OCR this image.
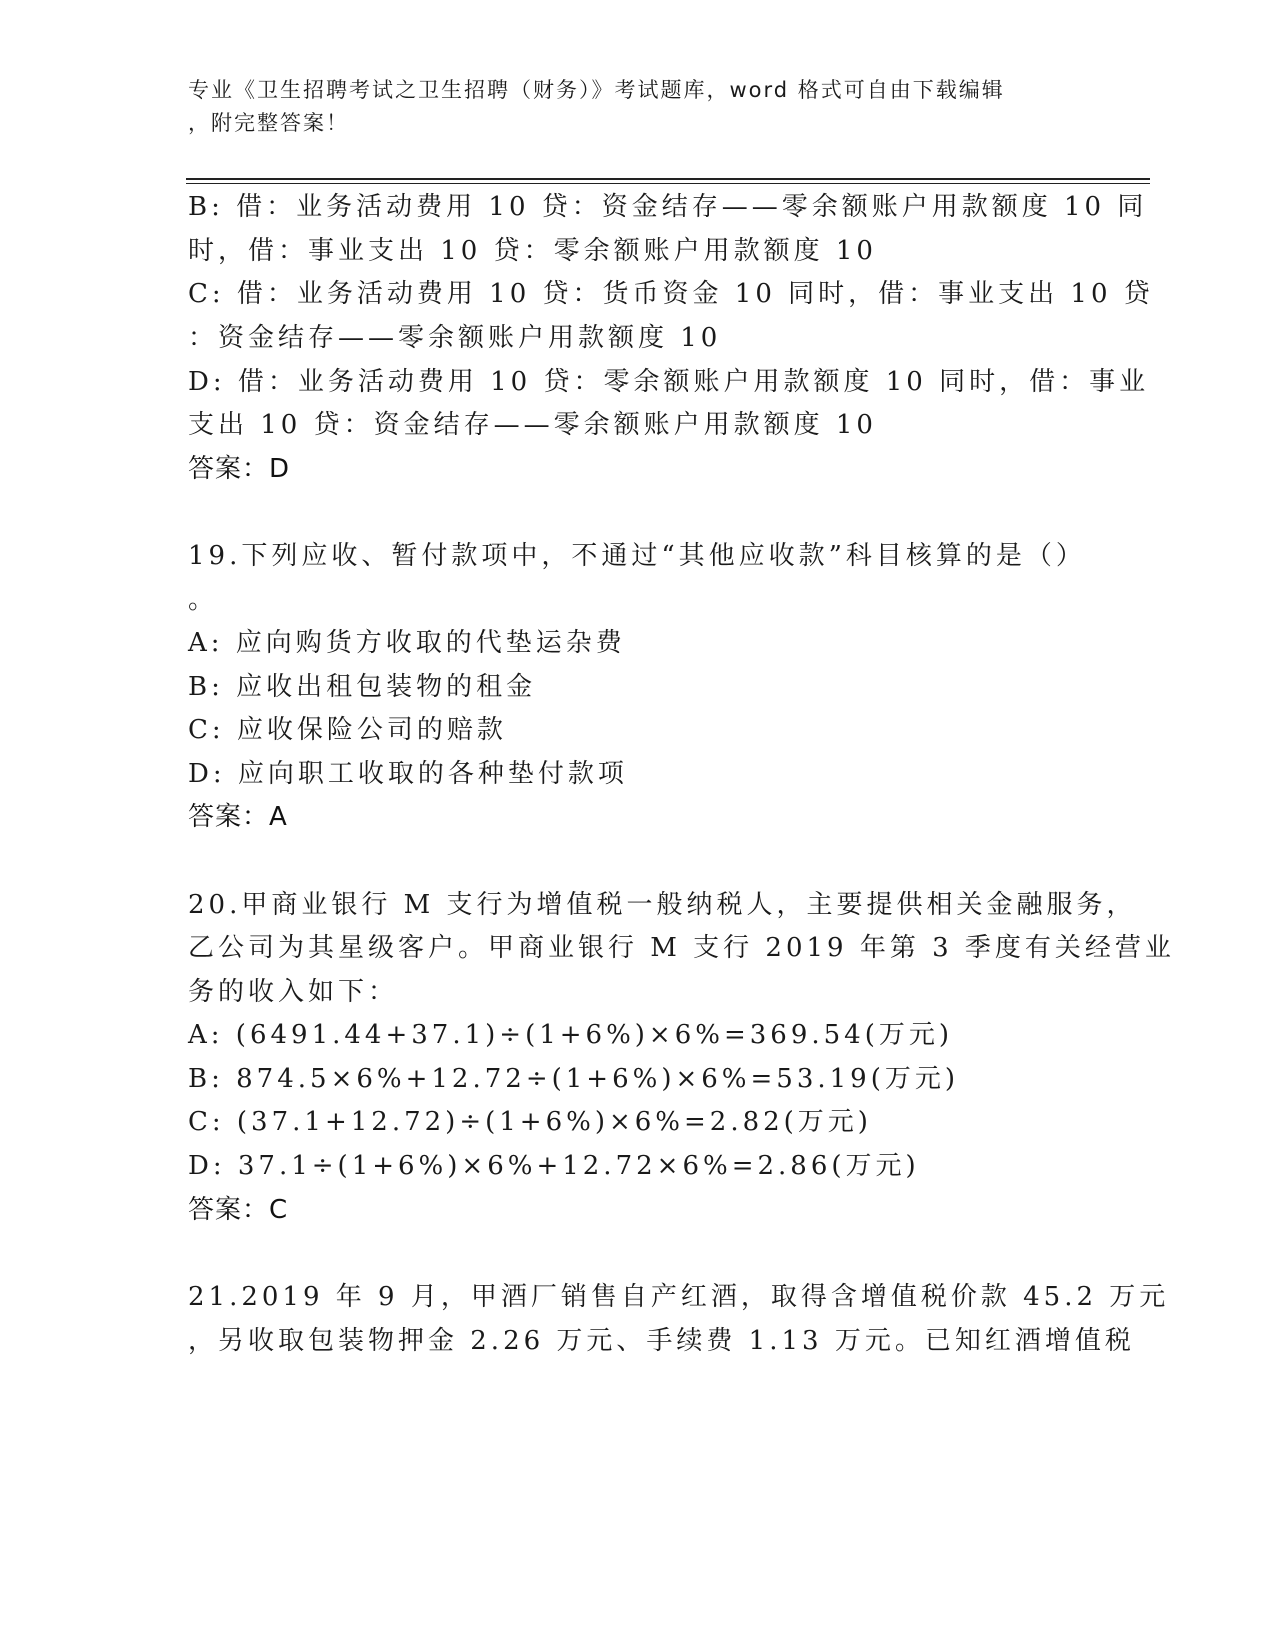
专业《卫生招聘考试之卫生招聘（财务）》考试题库，word 格式可自由下载编辑
，附完整答案！
B: 借：业务活动费用 10 贷：资金结存——零余额账户用款额度 10 同
时，借：事业支出 10 贷：零余额账户用款额度 10
C: 借：业务活动费用 10 贷：货币资金 10 同时，借：事业支出 10 贷
：资金结存——零余额账户用款额度 10
D: 借：业务活动费用 10 贷：零余额账户用款额度 10 同时，借：事业
支出 10 贷：资金结存——零余额账户用款额度 10
答案：D
19.下列应收、暂付款项中，不通过“其他应收款”科目核算的是（）
。
A: 应向购货方收取的代垫运杂费
B: 应收出租包装物的租金
C: 应收保险公司的赔款
D: 应向职工收取的各种垫付款项
答案：A
20.甲商业银行 M 支行为增值税一般纳税人，主要提供相关金融服务，
乙公司为其星级客户。甲商业银行 M 支行 2019 年第 3 季度有关经营业
务的收入如下：
A: (6491.44+37.1)÷(1+6%)×6%=369.54(万元)
B: 874.5×6%+12.72÷(1+6%)×6%=53.19(万元)
C: (37.1+12.72)÷(1+6%)×6%=2.82(万元)
D: 37.1÷(1+6%)×6%+12.72×6%=2.86(万元)
答案：C
21.2019 年 9 月，甲酒厂销售自产红酒，取得含增值税价款 45.2 万元
，另收取包装物押金 2.26 万元、手续费 1.13 万元。已知红酒增值税
